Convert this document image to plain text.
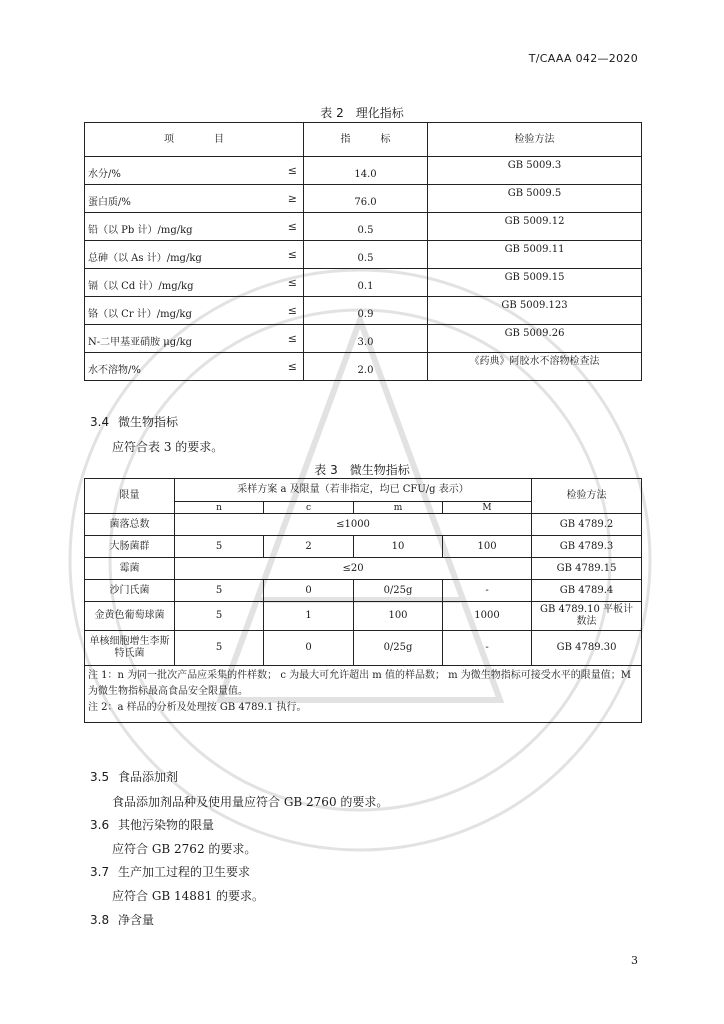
T/CAAA 042—2020
表 2　理化指标
项　　　　目	指　　　标	检验方法
水分/% ≤	14.0	GB 5009.3
蛋白质/% ≥	76.0	GB 5009.5
铅（以 Pb 计）/mg/kg ≤	0.5	GB 5009.12
总砷（以 As 计）/mg/kg ≤	0.5	GB 5009.11
镉（以 Cd 计）/mg/kg ≤	0.1	GB 5009.15
铬（以 Cr 计）/mg/kg ≤	0.9	GB 5009.123
N-二甲基亚硝胺 μg/kg ≤	3.0	GB 5009.26
水不溶物/% ≤	2.0	《药典》阿胶水不溶物检查法
3.4 微生物指标
应符合表 3 的要求。
表 3　微生物指标
限量	采样方案 a 及限量（若非指定，均已 CFU/g 表示）				检验方法
	n	c	m	M	
菌落总数	≤1000				GB 4789.2
大肠菌群	5	2	10	100	GB 4789.3
霉菌	≤20				GB 4789.15
沙门氏菌	5	0	0/25g	-	GB 4789.4
金黄色葡萄球菌	5	1	100	1000	GB 4789.10 平板计数法
单核细胞增生李斯特氏菌	5	0	0/25g	-	GB 4789.30

注 1：n 为同一批次产品应采集的件样数； c 为最大可允许超出 m 值的样品数； m 为微生物指标可接受水平的限量值；M 为微生物指标最高食品安全限量值。
注 2：a 样品的分析及处理按 GB 4789.1 执行。					
3.5 食品添加剂
食品添加剂品种及使用量应符合 GB 2760 的要求。
3.6 其他污染物的限量
应符合 GB 2762 的要求。
3.7 生产加工过程的卫生要求
应符合 GB 14881 的要求。
3.8 净含量
3
